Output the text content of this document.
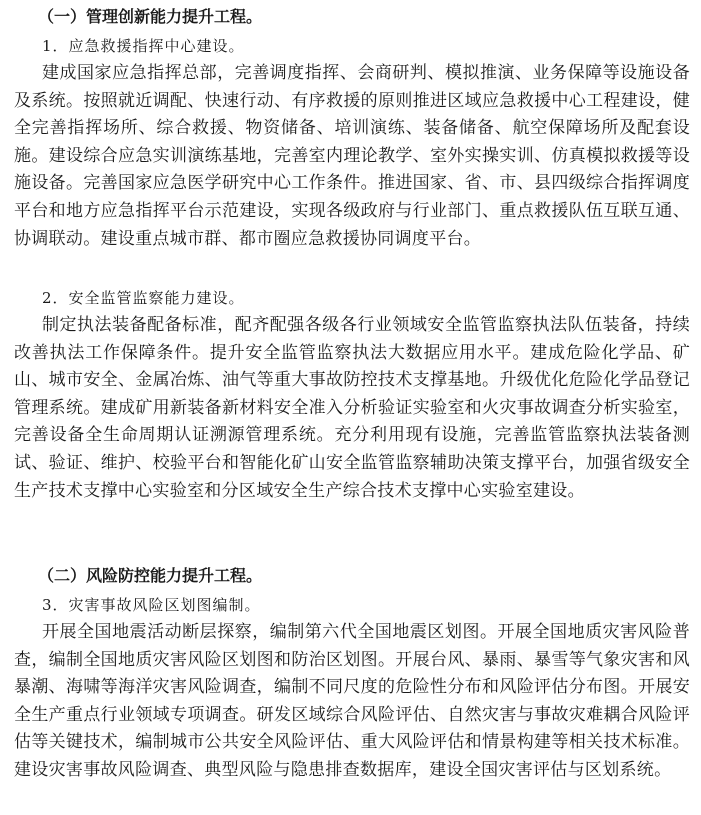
（一）管理创新能力提升工程。

1．应急救援指挥中心建设。

建成国家应急指挥总部，完善调度指挥、会商研判、模拟推演、业务保障等设施设备及系统。按照就近调配、快速行动、有序救援的原则推进区域应急救援中心工程建设，健全完善指挥场所、综合救援、物资储备、培训演练、装备储备、航空保障场所及配套设施。建设综合应急实训演练基地，完善室内理论教学、室外实操实训、仿真模拟救援等设施设备。完善国家应急医学研究中心工作条件。推进国家、省、市、县四级综合指挥调度平台和地方应急指挥平台示范建设，实现各级政府与行业部门、重点救援队伍互联互通、协调联动。建设重点城市群、都市圈应急救援协同调度平台。

2．安全监管监察能力建设。

制定执法装备配备标准，配齐配强各级各行业领域安全监管监察执法队伍装备，持续改善执法工作保障条件。提升安全监管监察执法大数据应用水平。建成危险化学品、矿山、城市安全、金属冶炼、油气等重大事故防控技术支撑基地。升级优化危险化学品登记管理系统。建成矿用新装备新材料安全准入分析验证实验室和火灾事故调查分析实验室，完善设备全生命周期认证溯源管理系统。充分利用现有设施，完善监管监察执法装备测试、验证、维护、校验平台和智能化矿山安全监管监察辅助决策支撑平台，加强省级安全生产技术支撑中心实验室和分区域安全生产综合技术支撑中心实验室建设。

（二）风险防控能力提升工程。

3．灾害事故风险区划图编制。

开展全国地震活动断层探察，编制第六代全国地震区划图。开展全国地质灾害风险普查，编制全国地质灾害风险区划图和防治区划图。开展台风、暴雨、暴雪等气象灾害和风暴潮、海啸等海洋灾害风险调查，编制不同尺度的危险性分布和风险评估分布图。开展安全生产重点行业领域专项调查。研发区域综合风险评估、自然灾害与事故灾难耦合风险评估等关键技术，编制城市公共安全风险评估、重大风险评估和情景构建等相关技术标准。建设灾害事故风险调查、典型风险与隐患排查数据库，建设全国灾害评估与区划系统。
